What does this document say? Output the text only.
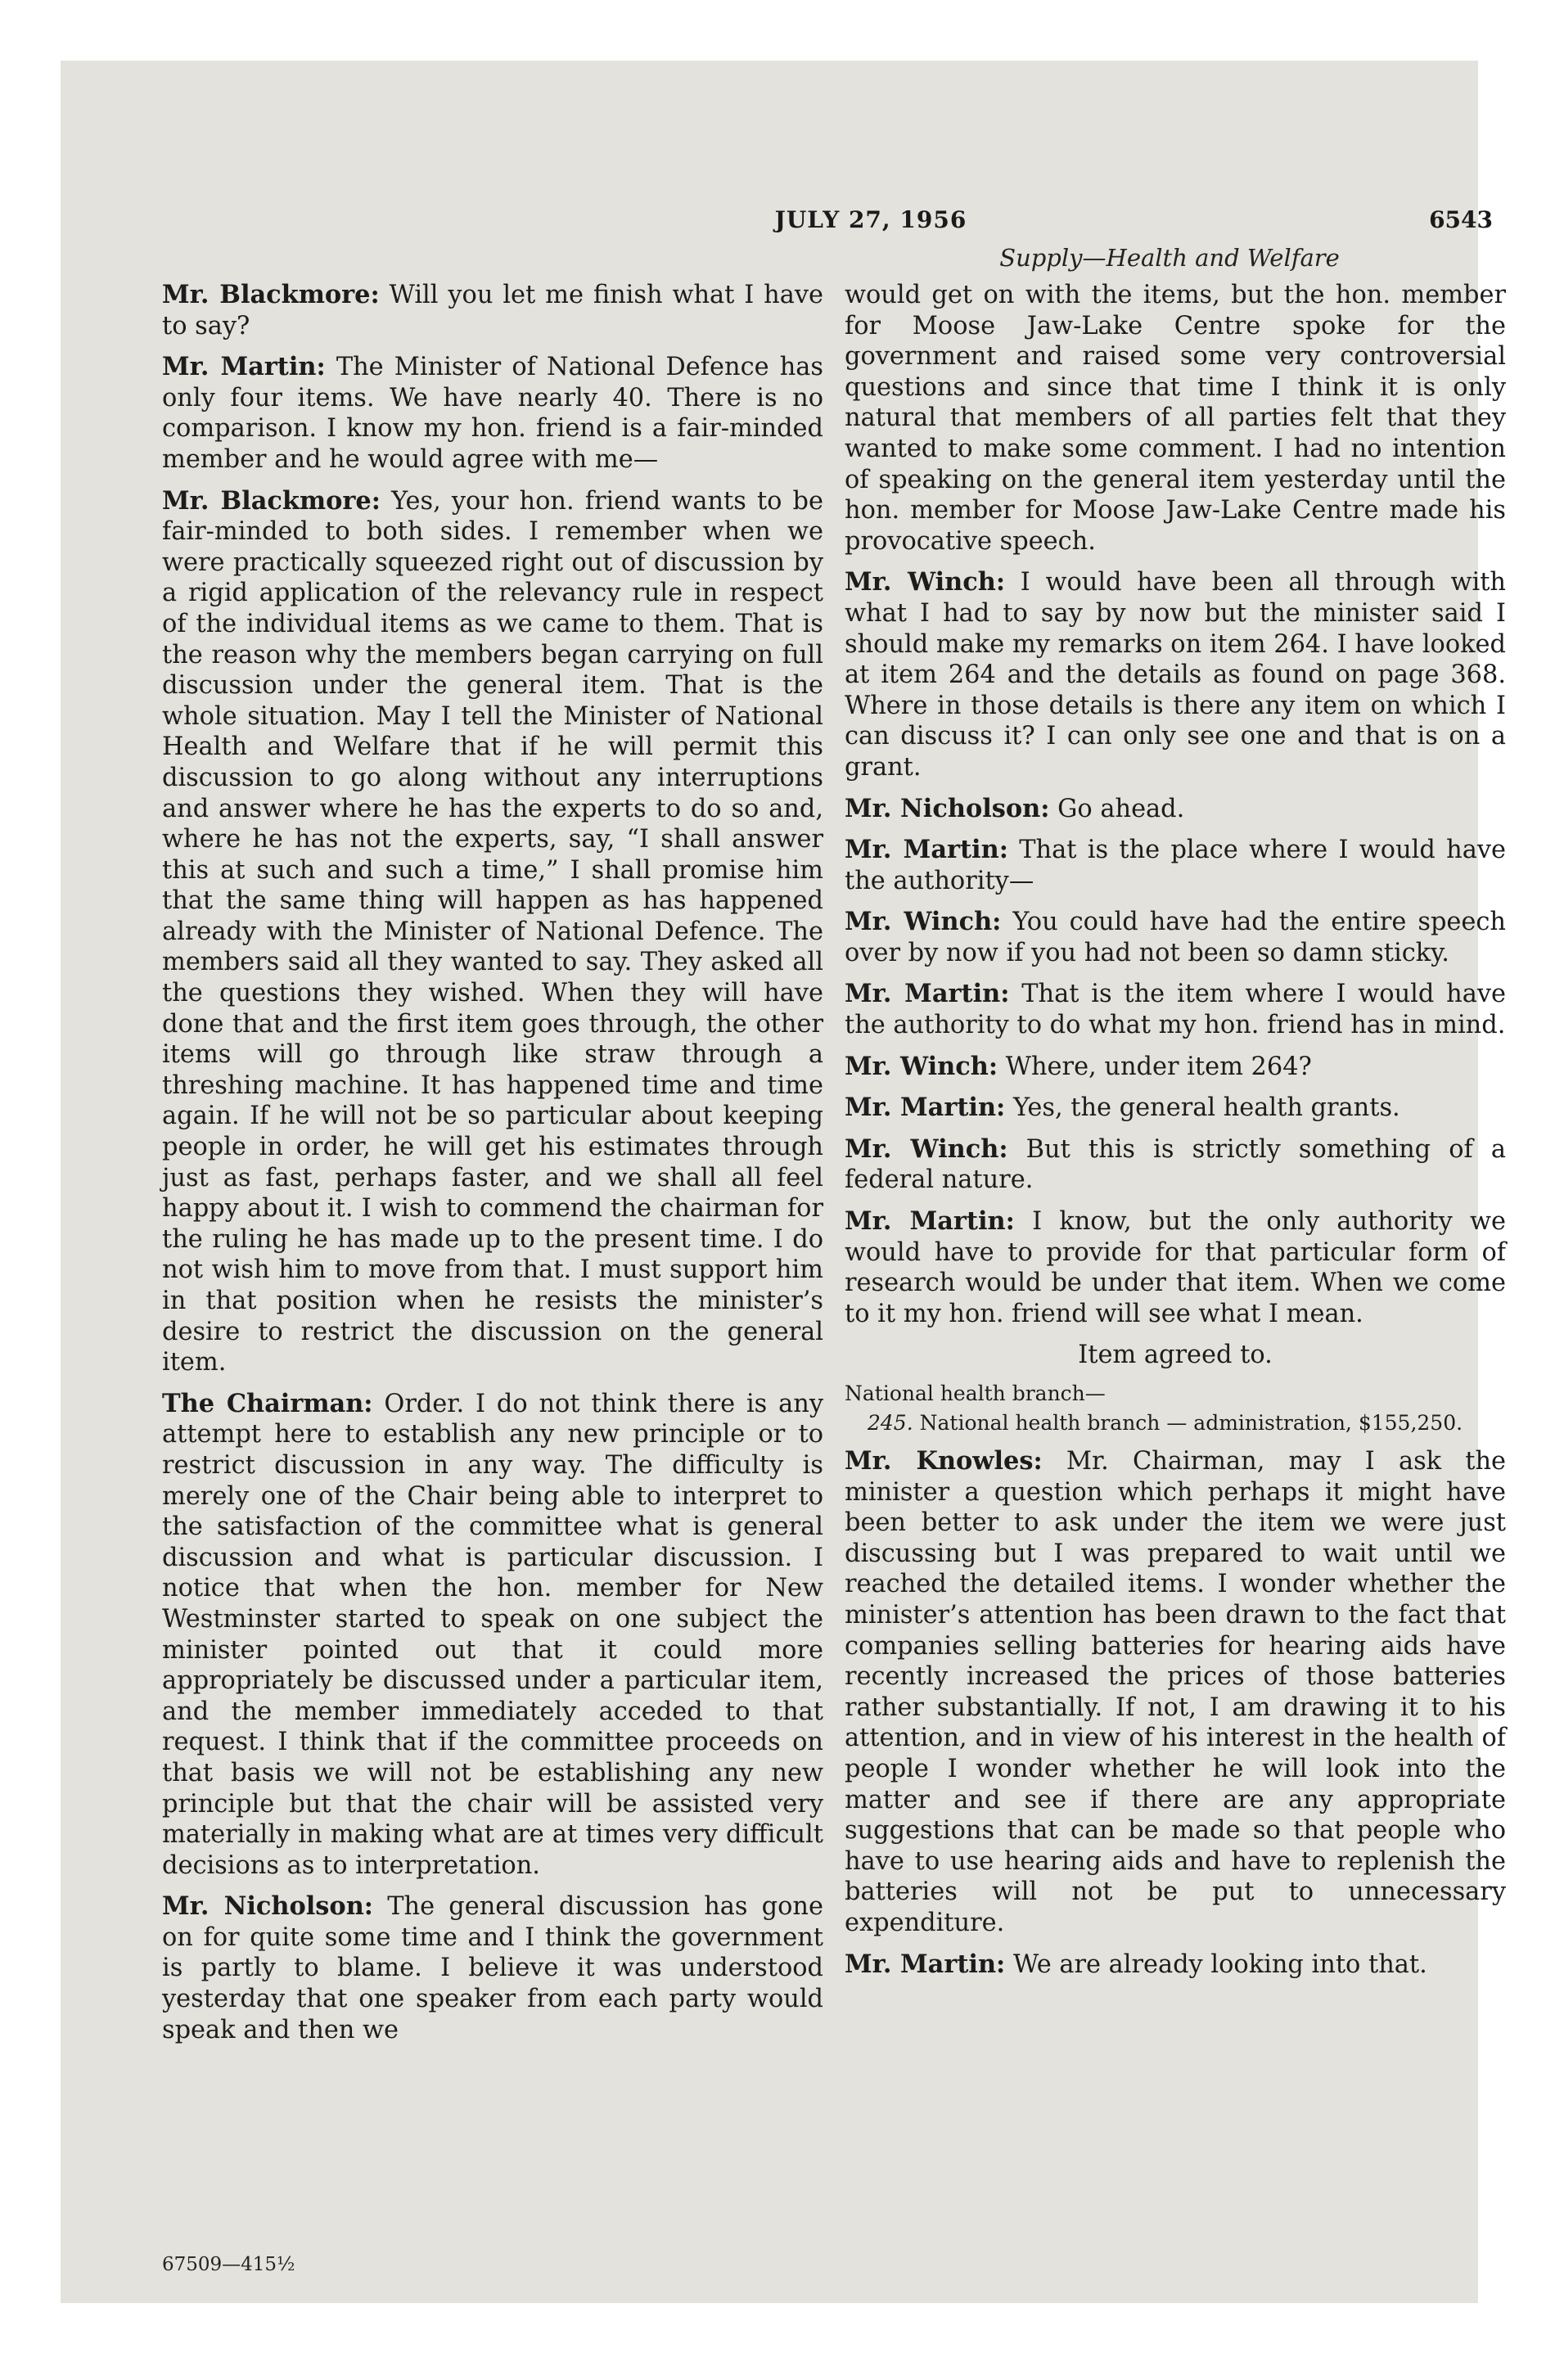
JULY 27, 1956	6543
Supply—Health and Welfare

Mr. Blackmore: Will you let me finish what I have to say?

Mr. Martin: The Minister of National Defence has only four items. We have nearly 40. There is no comparison. I know my hon. friend is a fair-minded member and he would agree with me—

Mr. Blackmore: Yes, your hon. friend wants to be fair-minded to both sides. I remember when we were practically squeezed right out of discussion by a rigid application of the relevancy rule in respect of the individual items as we came to them. That is the reason why the members began carrying on full discussion under the general item. That is the whole situation. May I tell the Minister of National Health and Welfare that if he will permit this discussion to go along without any interruptions and answer where he has the experts to do so and, where he has not the experts, say, “I shall answer this at such and such a time,” I shall promise him that the same thing will happen as has happened already with the Minister of National Defence. The members said all they wanted to say. They asked all the questions they wished. When they will have done that and the first item goes through, the other items will go through like straw through a threshing machine. It has happened time and time again. If he will not be so particular about keeping people in order, he will get his estimates through just as fast, perhaps faster, and we shall all feel happy about it. I wish to commend the chairman for the ruling he has made up to the present time. I do not wish him to move from that. I must support him in that position when he resists the minister’s desire to restrict the discussion on the general item.

The Chairman: Order. I do not think there is any attempt here to establish any new principle or to restrict discussion in any way. The difficulty is merely one of the Chair being able to interpret to the satisfaction of the committee what is general discussion and what is particular discussion. I notice that when the hon. member for New Westminster started to speak on one subject the minister pointed out that it could more appropriately be discussed under a particular item, and the member immediately acceded to that request. I think that if the committee proceeds on that basis we will not be establishing any new principle but that the chair will be assisted very materially in making what are at times very difficult decisions as to interpretation.

Mr. Nicholson: The general discussion has gone on for quite some time and I think the government is partly to blame. I believe it was understood yesterday that one speaker from each party would speak and then we

would get on with the items, but the hon. member for Moose Jaw-Lake Centre spoke for the government and raised some very controversial questions and since that time I think it is only natural that members of all parties felt that they wanted to make some comment. I had no intention of speaking on the general item yesterday until the hon. member for Moose Jaw-Lake Centre made his provocative speech.

Mr. Winch: I would have been all through with what I had to say by now but the minister said I should make my remarks on item 264. I have looked at item 264 and the details as found on page 368. Where in those details is there any item on which I can discuss it? I can only see one and that is on a grant.

Mr. Nicholson: Go ahead.

Mr. Martin: That is the place where I would have the authority—

Mr. Winch: You could have had the entire speech over by now if you had not been so damn sticky.

Mr. Martin: That is the item where I would have the authority to do what my hon. friend has in mind.

Mr. Winch: Where, under item 264?

Mr. Martin: Yes, the general health grants.

Mr. Winch: But this is strictly something of a federal nature.

Mr. Martin: I know, but the only authority we would have to provide for that particular form of research would be under that item. When we come to it my hon. friend will see what I mean.

Item agreed to.

National health branch—

245. National health branch — administration, $155,250.

Mr. Knowles: Mr. Chairman, may I ask the minister a question which perhaps it might have been better to ask under the item we were just discussing but I was prepared to wait until we reached the detailed items. I wonder whether the minister’s attention has been drawn to the fact that companies selling batteries for hearing aids have recently increased the prices of those batteries rather substantially. If not, I am drawing it to his attention, and in view of his interest in the health of people I wonder whether he will look into the matter and see if there are any appropriate suggestions that can be made so that people who have to use hearing aids and have to replenish the batteries will not be put to unnecessary expenditure.

Mr. Martin: We are already looking into that.

67509—415½
